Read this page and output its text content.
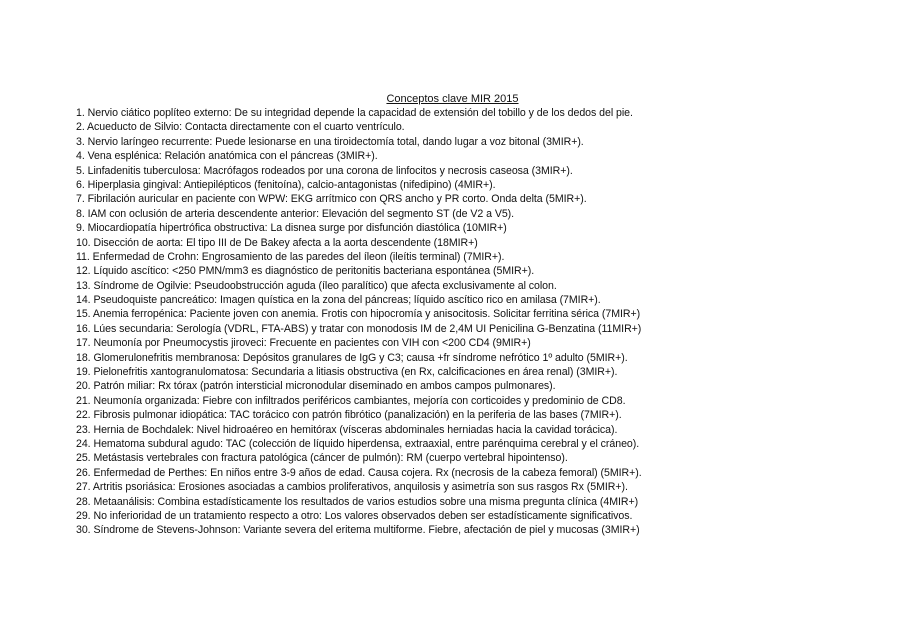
Conceptos clave MIR 2015
1. Nervio ciático poplíteo externo: De su integridad depende la capacidad de extensión del tobillo y de los dedos del pie.
2. Acueducto de Silvio: Contacta directamente con el cuarto ventrículo.
3. Nervio laríngeo recurrente: Puede lesionarse en una tiroidectomía total, dando lugar a voz bitonal (3MIR+).
4. Vena esplénica: Relación anatómica con el páncreas (3MIR+).
5. Linfadenitis tuberculosa: Macrófagos rodeados por una corona de linfocitos y necrosis caseosa (3MIR+).
6. Hiperplasia gingival: Antiepilépticos (fenitoína), calcio-antagonistas (nifedipino) (4MIR+).
7. Fibrilación auricular en paciente con WPW: EKG arrítmico con QRS ancho y PR corto. Onda delta (5MIR+).
8. IAM con oclusión de arteria descendente anterior: Elevación del segmento ST (de V2 a V5).
9. Miocardiopatía hipertrófica obstructiva: La disnea surge por disfunción diastólica (10MIR+)
10. Disección de aorta: El tipo III de De Bakey afecta a la aorta descendente (18MIR+)
11. Enfermedad de Crohn: Engrosamiento de las paredes del íleon (ileítis terminal) (7MIR+).
12. Líquido ascítico: <250 PMN/mm3 es diagnóstico de peritonitis bacteriana espontánea (5MIR+).
13. Síndrome de Ogilvie: Pseudoobstrucción aguda (íleo paralítico) que afecta exclusivamente al colon.
14. Pseudoquiste pancreático: Imagen quística en la zona del páncreas; líquido ascítico rico en amilasa (7MIR+).
15. Anemia ferropénica: Paciente joven con anemia. Frotis con hipocromía y anisocitosis. Solicitar ferritina sérica (7MIR+)
16. Lúes secundaria: Serología (VDRL, FTA-ABS) y tratar con monodosis IM de 2,4M UI Penicilina G-Benzatina (11MIR+)
17. Neumonía por Pneumocystis jiroveci: Frecuente en pacientes con VIH con <200 CD4 (9MIR+)
18. Glomerulonefritis membranosa: Depósitos granulares de IgG y C3; causa +fr síndrome nefrótico 1º adulto (5MIR+).
19. Pielonefritis xantogranulomatosa: Secundaria a litiasis obstructiva (en Rx, calcificaciones en área renal) (3MIR+).
20. Patrón miliar: Rx tórax (patrón intersticial micronodular diseminado en ambos campos pulmonares).
21. Neumonía organizada: Fiebre con infiltrados periféricos cambiantes, mejoría con corticoides y predominio de CD8.
22. Fibrosis pulmonar idiopática: TAC torácico con patrón fibrótico (panalización) en la periferia de las bases (7MIR+).
23. Hernia de Bochdalek: Nivel hidroaéreo en hemitórax (vísceras abdominales herniadas hacia la cavidad torácica).
24. Hematoma subdural agudo: TAC (colección de líquido hiperdensa, extraaxial, entre parénquima cerebral y el cráneo).
25. Metástasis vertebrales con fractura patológica (cáncer de pulmón): RM (cuerpo vertebral hipointenso).
26. Enfermedad de Perthes: En niños entre 3-9 años de edad. Causa cojera. Rx (necrosis de la cabeza femoral) (5MIR+).
27. Artritis psoriásica: Erosiones asociadas a cambios proliferativos, anquilosis y asimetría son sus rasgos Rx (5MIR+).
28. Metaanálisis: Combina estadísticamente los resultados de varios estudios sobre una misma pregunta clínica (4MIR+)
29. No inferioridad de un tratamiento respecto a otro: Los valores observados deben ser estadísticamente significativos.
30. Síndrome de Stevens-Johnson: Variante severa del eritema multiforme. Fiebre, afectación de piel y mucosas (3MIR+)
